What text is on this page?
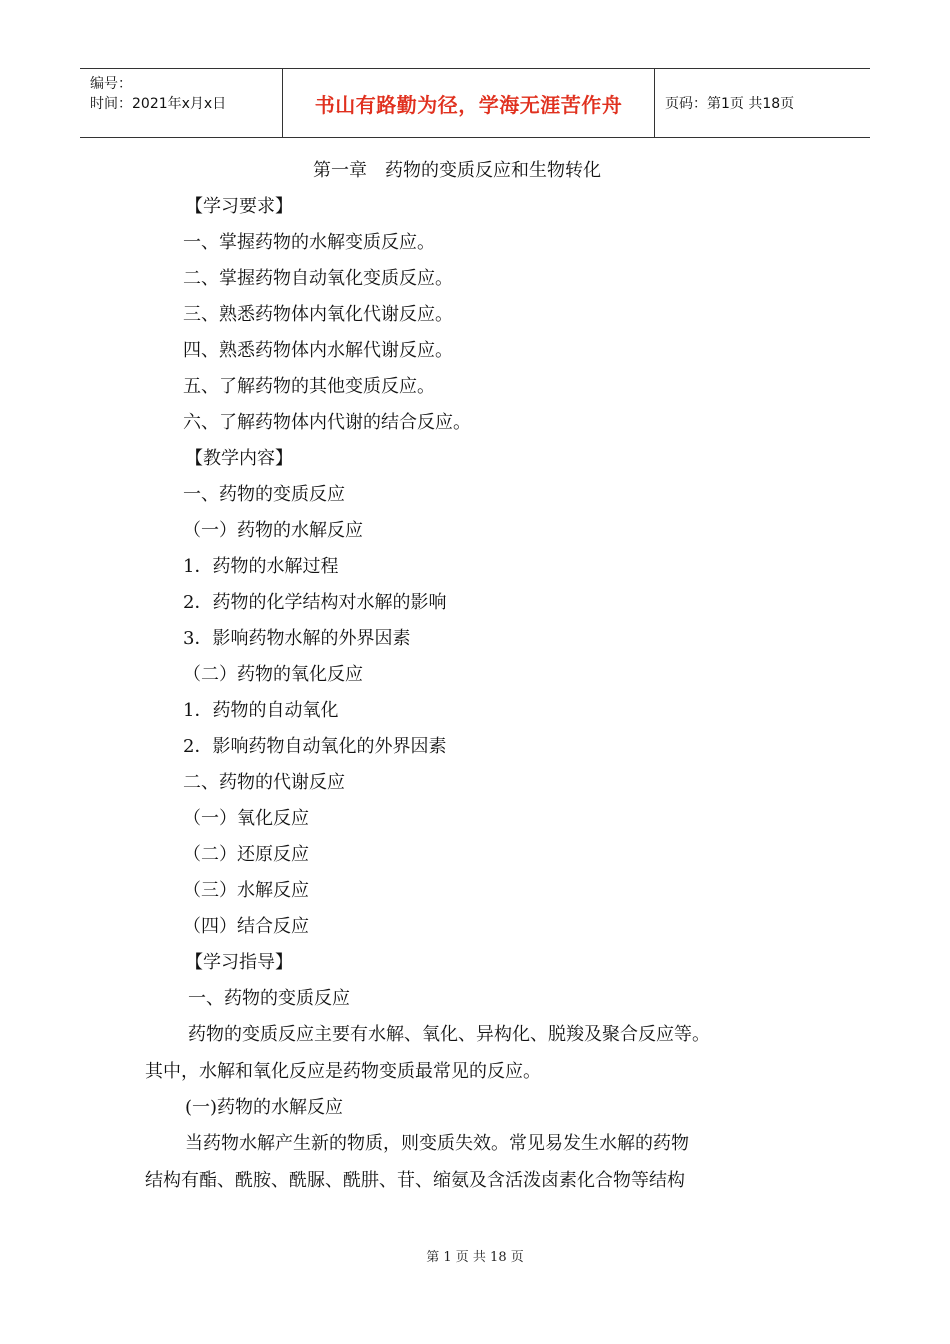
编号：
时间：2021年x月x日	书山有路勤为径，学海无涯苦作舟	页码：第1页 共18页
第一章　药物的变质反应和生物转化
【学习要求】
一、掌握药物的水解变质反应。
二、掌握药物自动氧化变质反应。
三、熟悉药物体内氧化代谢反应。
四、熟悉药物体内水解代谢反应。
五、了解药物的其他变质反应。
六、了解药物体内代谢的结合反应。
【教学内容】
一、药物的变质反应
（一）药物的水解反应
1．药物的水解过程
2．药物的化学结构对水解的影响
3．影响药物水解的外界因素
（二）药物的氧化反应
1．药物的自动氧化
2．影响药物自动氧化的外界因素
二、药物的代谢反应
（一）氧化反应
（二）还原反应
（三）水解反应
（四）结合反应
【学习指导】
一、药物的变质反应
药物的变质反应主要有水解、氧化、异构化、脱羧及聚合反应等。
其中，水解和氧化反应是药物变质最常见的反应。
(一)药物的水解反应
当药物水解产生新的物质，则变质失效。常见易发生水解的药物
结构有酯、酰胺、酰脲、酰肼、苷、缩氨及含活泼卤素化合物等结构
第 1 页 共 18 页
